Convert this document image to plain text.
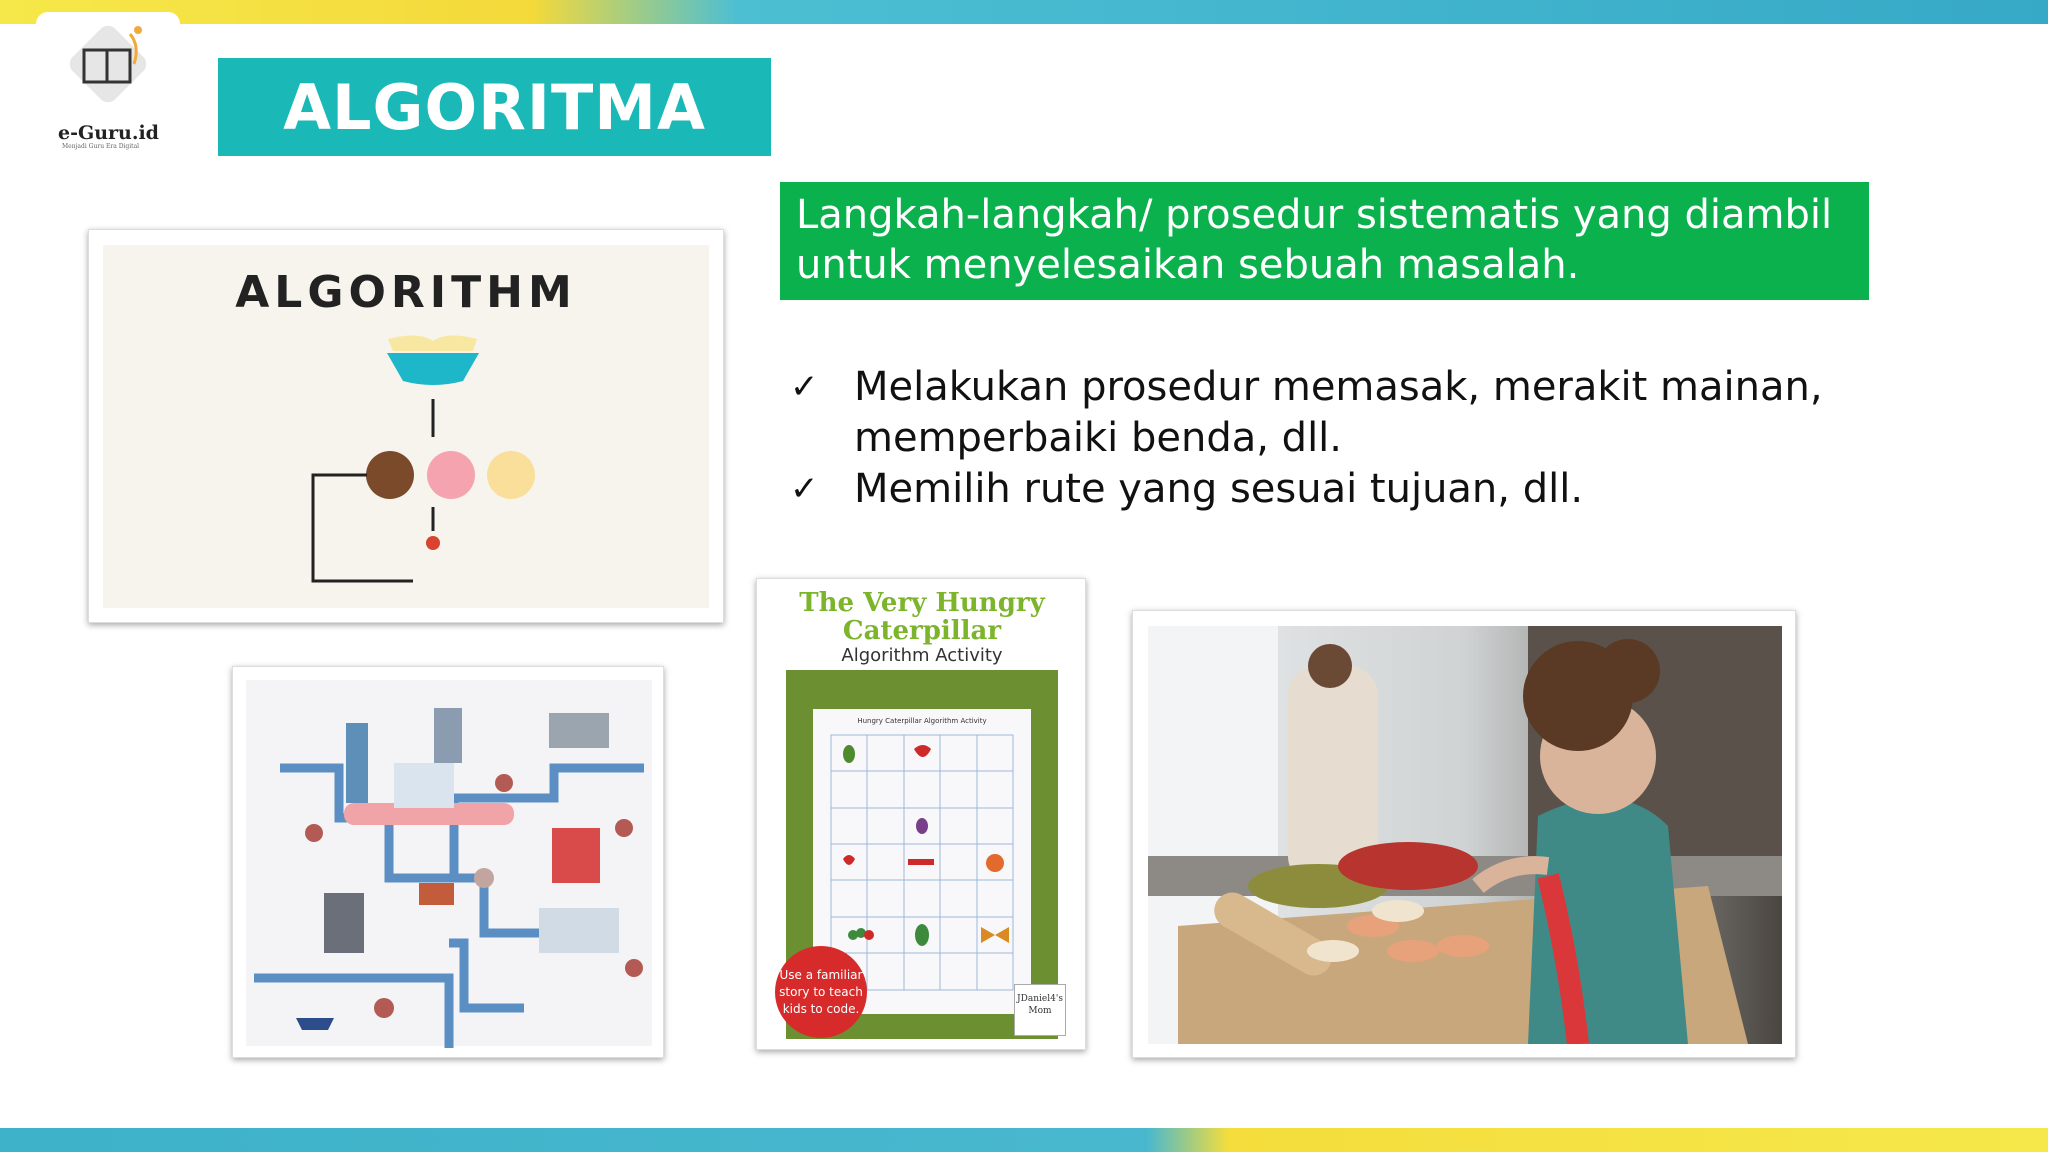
e-Guru.id
Menjadi Guru Era Digital
ALGORITMA
Langkah-langkah/ prosedur sistematis yang diambil untuk menyelesaikan sebuah masalah.
✓ Melakukan prosedur memasak, merakit mainan, memperbaiki benda, dll.
✓ Memilih rute yang sesuai tujuan, dll.
ALGORITHM
The Very Hungry Caterpillar
Algorithm Activity
Hungry Caterpillar Algorithm Activity
Use a familiar story to teach kids to code.
JDaniel4's Mom
